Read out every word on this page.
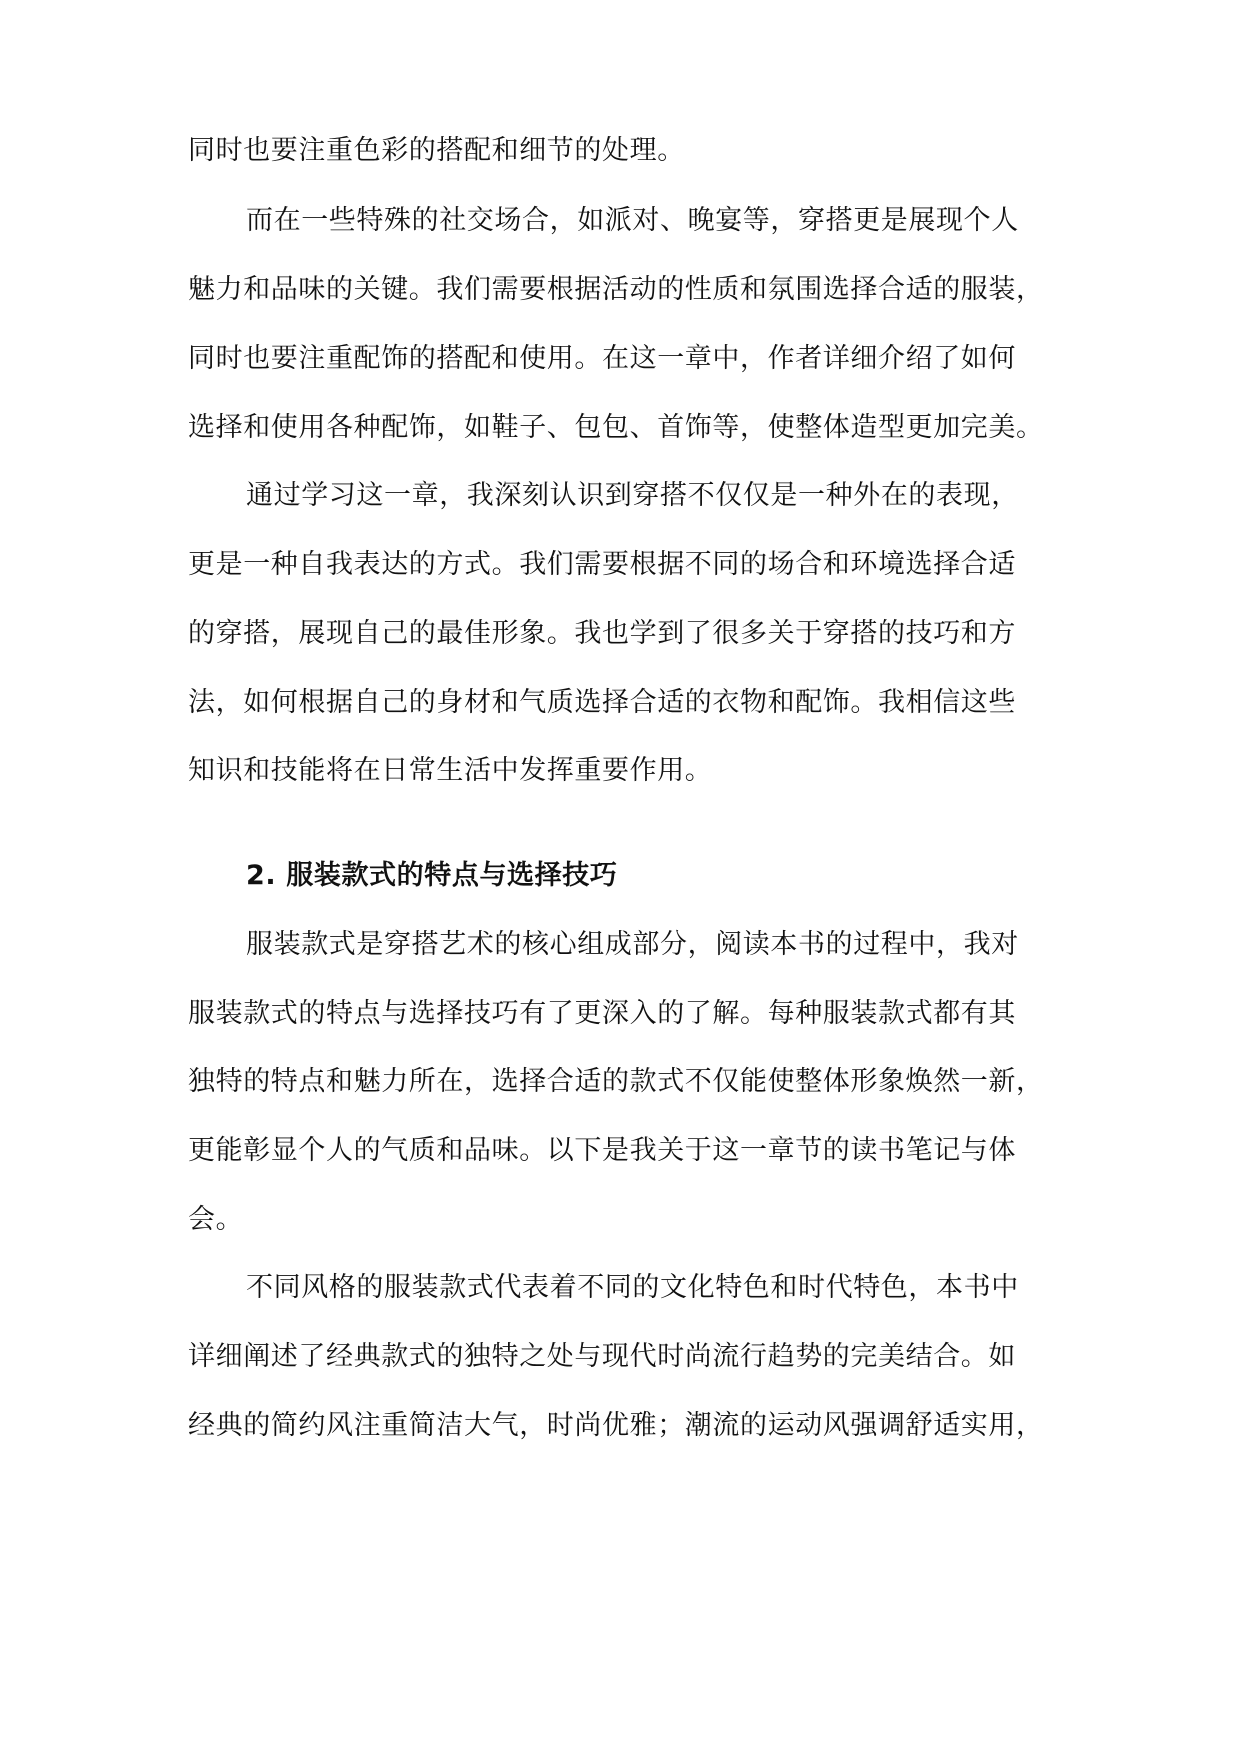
同时也要注重色彩的搭配和细节的处理。
而在一些特殊的社交场合，如派对、晚宴等，穿搭更是展现个人
魅力和品味的关键。我们需要根据活动的性质和氛围选择合适的服装，
同时也要注重配饰的搭配和使用。在这一章中，作者详细介绍了如何
选择和使用各种配饰，如鞋子、包包、首饰等，使整体造型更加完美。
通过学习这一章，我深刻认识到穿搭不仅仅是一种外在的表现，
更是一种自我表达的方式。我们需要根据不同的场合和环境选择合适
的穿搭，展现自己的最佳形象。我也学到了很多关于穿搭的技巧和方
法，如何根据自己的身材和气质选择合适的衣物和配饰。我相信这些
知识和技能将在日常生活中发挥重要作用。
2. 服装款式的特点与选择技巧
服装款式是穿搭艺术的核心组成部分，阅读本书的过程中，我对
服装款式的特点与选择技巧有了更深入的了解。每种服装款式都有其
独特的特点和魅力所在，选择合适的款式不仅能使整体形象焕然一新，
更能彰显个人的气质和品味。以下是我关于这一章节的读书笔记与体
会。
不同风格的服装款式代表着不同的文化特色和时代特色，本书中
详细阐述了经典款式的独特之处与现代时尚流行趋势的完美结合。如
经典的简约风注重简洁大气，时尚优雅；潮流的运动风强调舒适实用，
